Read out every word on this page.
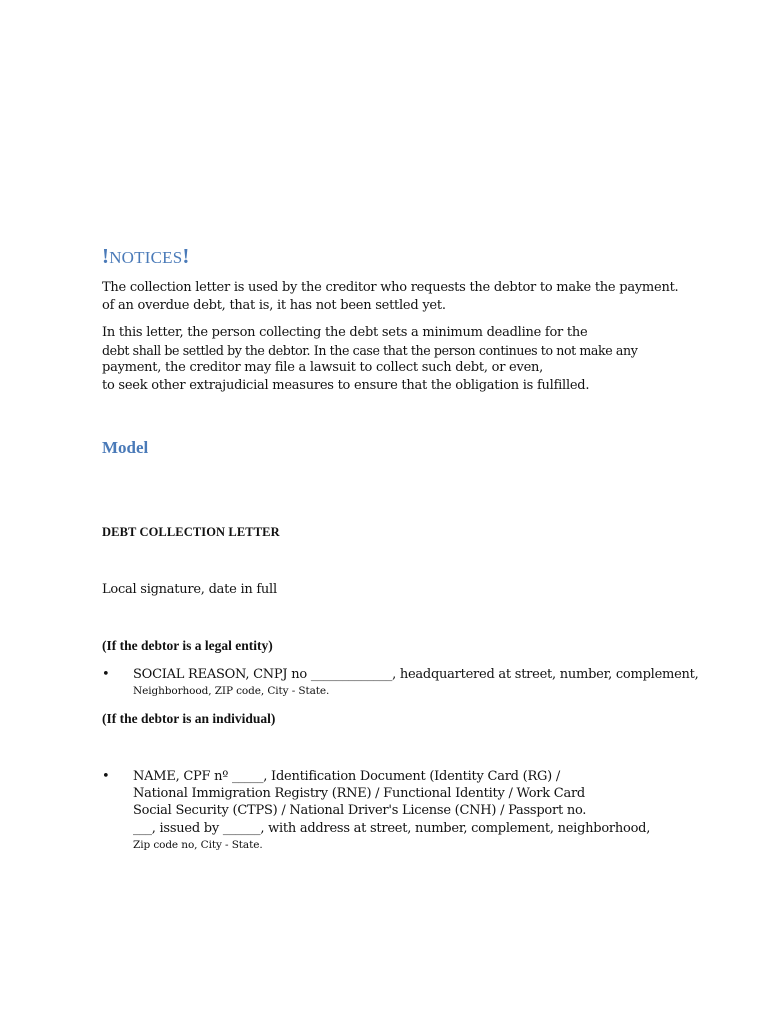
!NOTICES!
The collection letter is used by the creditor who requests the debtor to make the payment.
of an overdue debt, that is, it has not been settled yet.
In this letter, the person collecting the debt sets a minimum deadline for the
debt shall be settled by the debtor. In the case that the person continues to not make any
payment, the creditor may file a lawsuit to collect such debt, or even,
to seek other extrajudicial measures to ensure that the obligation is fulfilled.
Model
DEBT COLLECTION LETTER
Local signature, date in full
(If the debtor is a legal entity)
• SOCIAL REASON, CNPJ no _____________, headquartered at street, number, complement,
Neighborhood, ZIP code, City - State.
(If the debtor is an individual)
• NAME, CPF nº _____, Identification Document (Identity Card (RG) /
National Immigration Registry (RNE) / Functional Identity / Work Card
Social Security (CTPS) / National Driver's License (CNH) / Passport no.
___, issued by ______, with address at street, number, complement, neighborhood,
Zip code no, City - State.
